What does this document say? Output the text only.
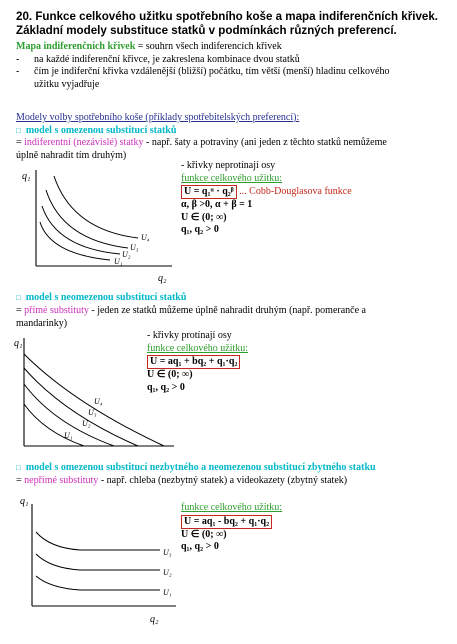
20. Funkce celkového užitku spotřebního koše a mapa indiferenčních křivek.
Základní modely substituce statků v podmínkách různých preferencí.
Mapa indiferenčních křivek = souhrn všech indiferencích křivek
- na každé indiferenční křivce, je zakreslena kombinace dvou statků
- čím je indiferční křivka vzdálenější (bližší) počátku, tím větší (menší) hladinu celkového
užitku vyjadřuje
Modely volby spotřebního koše (příklady spotřebitelských preferencí):
□ model s omezenou substitucí statků
= indiferentní (nezávislé) statky - např. šaty a potraviny (ani jeden z těchto statků nemůžeme
úplně nahradit tím druhým)
q₁
q₂
U₁
U₂
U₃
U₄
- křivky neprotínají osy
funkce celkového užitku:
U = q₁ᵅ · q₂ᵝ ... Cobb-Douglasova funkce
α, β >0, α + β = 1
U ∈ (0; ∞)
q₁, q₂ > 0
□ model s neomezenou substitucí statků
= přímé substituty - jeden ze statků můžeme úplně nahradit druhým (např. pomeranče a
mandarinky)
q₁
U₁
U₂
U₃
U₄
- křivky protínají osy
funkce celkového užitku:
U = aq₁ + bq₂ + q₁·q₂
U ∈ (0; ∞)
q₁, q₂ > 0
□ model s omezenou substitucí nezbytného a neomezenou substitucí zbytného statku
= nepřímé substituty - např. chleba (nezbytný statek) a videokazety (zbytný statek)
q₁
q₂
U₃
U₂
U₁
funkce celkového užitku:
U = aq₁ - bq₂ + q₁·q₂
U ∈ (0; ∞)
q₁, q₂ > 0
